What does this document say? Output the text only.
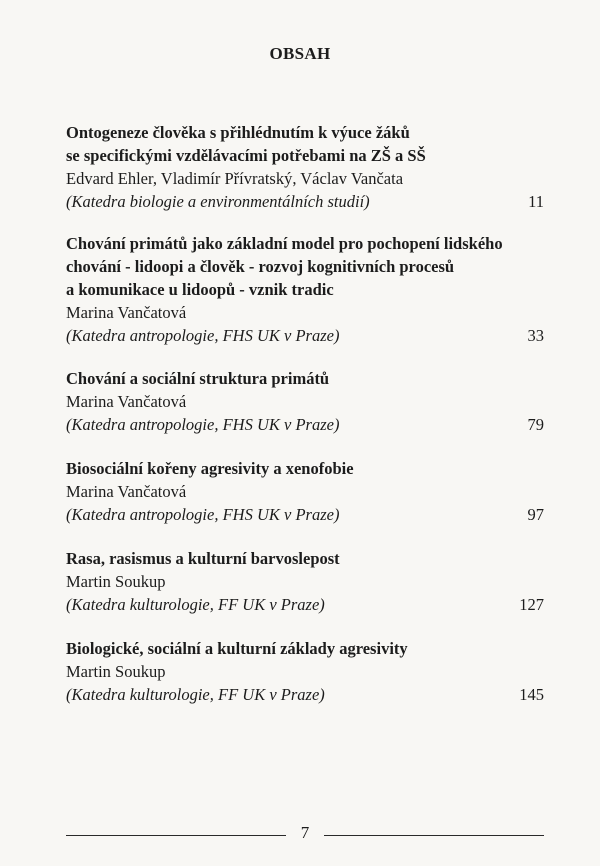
OBSAH
Ontogeneze člověka s přihlédnutím k výuce žáků
se specifickými vzdělávacími potřebami na ZŠ a SŠ
Edvard Ehler, Vladimír Přívratský, Václav Vančata
(Katedra biologie a environmentálních studií)	11
Chování primátů jako základní model pro pochopení lidského
chování - lidoopi a člověk - rozvoj kognitivních procesů
a komunikace u lidoopů - vznik tradic
Marina Vančatová
(Katedra antropologie, FHS UK v Praze)	33
Chování a sociální struktura primátů
Marina Vančatová
(Katedra antropologie, FHS UK v Praze)	79
Biosociální kořeny agresivity a xenofobie
Marina Vančatová
(Katedra antropologie, FHS UK v Praze)	97
Rasa, rasismus a kulturní barvoslepost
Martin Soukup
(Katedra kulturologie, FF UK v Praze)	127
Biologické, sociální a kulturní základy agresivity
Martin Soukup
(Katedra kulturologie, FF UK v Praze)	145
7
